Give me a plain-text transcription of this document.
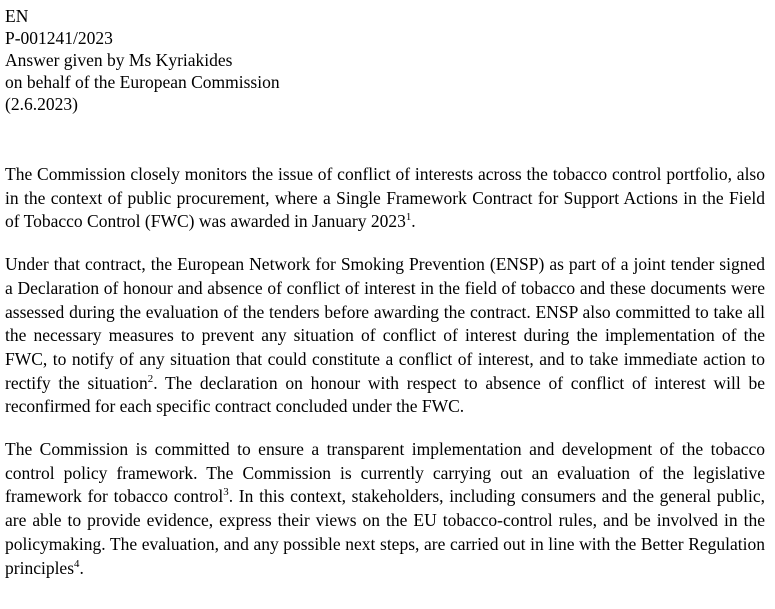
EN
P-001241/2023
Answer given by Ms Kyriakides
on behalf of the European Commission
(2.6.2023)

The Commission closely monitors the issue of conflict of interests across the tobacco control portfolio, also in the context of public procurement, where a Single Framework Contract for Support Actions in the Field of Tobacco Control (FWC) was awarded in January 2023$^1$.

Under that contract, the European Network for Smoking Prevention (ENSP) as part of a joint tender signed a Declaration of honour and absence of conflict of interest in the field of tobacco and these documents were assessed during the evaluation of the tenders before awarding the contract. ENSP also committed to take all the necessary measures to prevent any situation of conflict of interest during the implementation of the FWC, to notify of any situation that could constitute a conflict of interest, and to take immediate action to rectify the situation$^2$. The declaration on honour with respect to absence of conflict of interest will be reconfirmed for each specific contract concluded under the FWC.

The Commission is committed to ensure a transparent implementation and development of the tobacco control policy framework. The Commission is currently carrying out an evaluation of the legislative framework for tobacco control$^3$. In this context, stakeholders, including consumers and the general public, are able to provide evidence, express their views on the EU tobacco-control rules, and be involved in the policymaking. The evaluation, and any possible next steps, are carried out in line with the Better Regulation principles$^4$.
